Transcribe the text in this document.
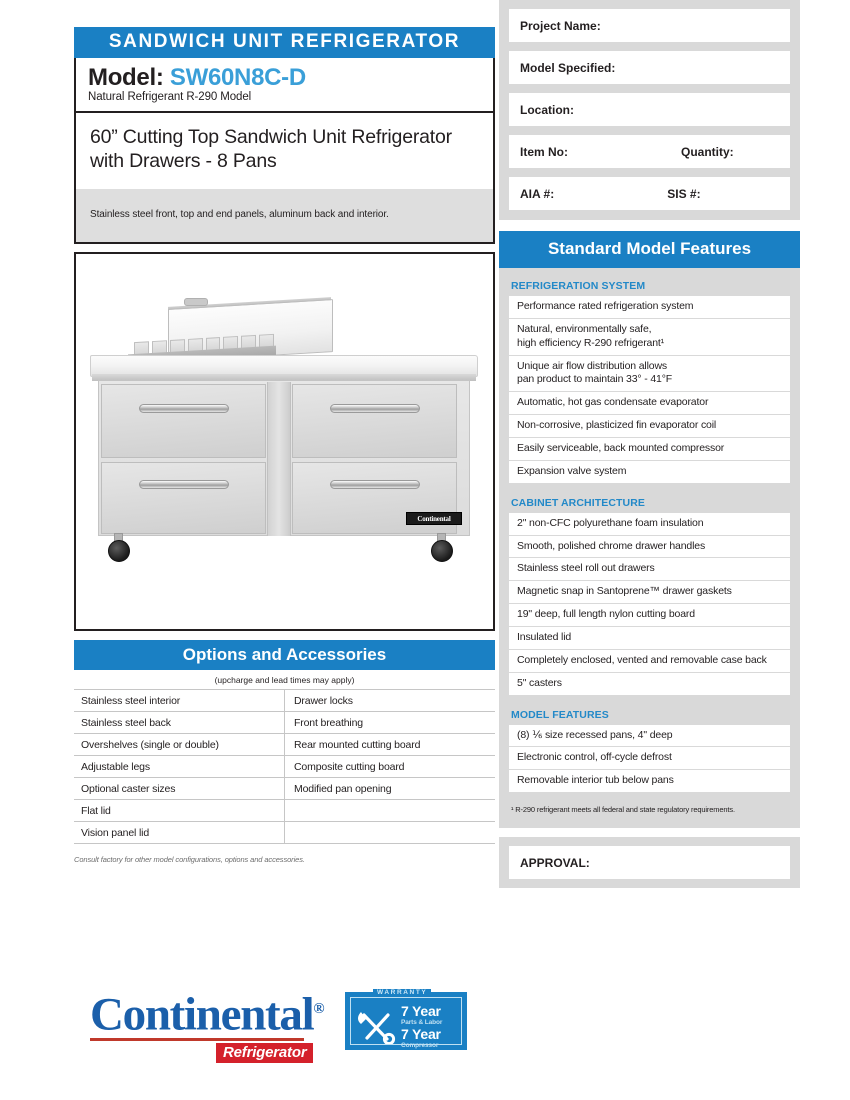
SANDWICH UNIT REFRIGERATOR
Model: SW60N8C-D
Natural Refrigerant R-290 Model
60” Cutting Top Sandwich Unit Refrigerator with Drawers - 8 Pans
Stainless steel front, top and end panels, aluminum back and interior.
Continental
Options and Accessories
(upcharge and lead times may apply)
Stainless steel interior	Drawer locks
Stainless steel back	Front breathing
Overshelves (single or double)	Rear mounted cutting board
Adjustable legs	Composite cutting board
Optional caster sizes	Modified pan opening
Flat lid	
Vision panel lid	
Consult factory for other model configurations, options and accessories.
Continental®
Refrigerator
WARRANTY
7 Year
Parts & Labor
7 Year
Compressor
Project Name:
Model Specified:
Location:
Item No:	Quantity:
AIA #:	SIS #:
Standard Model Features
REFRIGERATION SYSTEM
Performance rated refrigeration system
Natural, environmentally safe,
high efficiency R-290 refrigerant¹
Unique air flow distribution allows
pan product to maintain 33° - 41°F
Automatic, hot gas condensate evaporator
Non-corrosive, plasticized fin evaporator coil
Easily serviceable, back mounted compressor
Expansion valve system
CABINET ARCHITECTURE
2" non-CFC polyurethane foam insulation
Smooth, polished chrome drawer handles
Stainless steel roll out drawers
Magnetic snap in Santoprene™ drawer gaskets
19" deep, full length nylon cutting board
Insulated lid
Completely enclosed, vented and removable case back
5" casters
MODEL FEATURES
(8) ⅙ size recessed pans, 4" deep
Electronic control, off-cycle defrost
Removable interior tub below pans
¹ R-290 refrigerant meets all federal and state regulatory requirements.
APPROVAL:
